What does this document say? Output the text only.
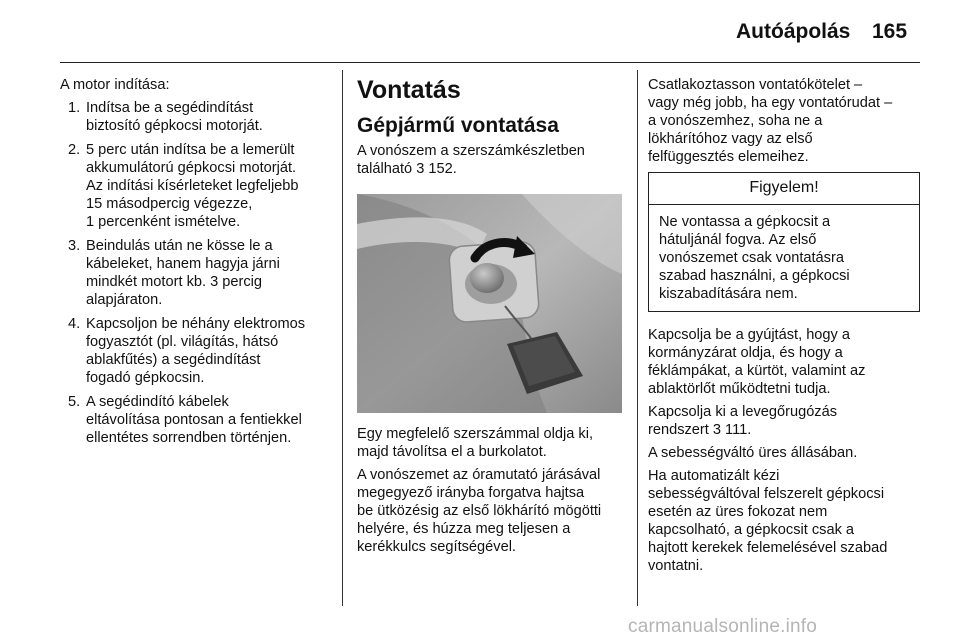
Autóápolás 165
A motor indítása:
1. Indítsa be a segédindítást
biztosító gépkocsi motorját.
2. 5 perc után indítsa be a lemerült
akkumulátorú gépkocsi motorját.
Az indítási kísérleteket legfeljebb
15 másodpercig végezze,
1 percenként ismételve.
3. Beindulás után ne kösse le a
kábeleket, hanem hagyja járni
mindkét motort kb. 3 percig
alapjáraton.
4. Kapcsoljon be néhány elektromos
fogyasztót (pl. világítás, hátsó
ablakfűtés) a segédindítást
fogadó gépkocsin.
5. A segédindító kábelek
eltávolítása pontosan a fentiekkel
ellentétes sorrendben történjen.
Vontatás
Gépjármű vontatása
A vonószem a szerszámkészletben
található 3 152.
Egy megfelelő szerszámmal oldja ki,
majd távolítsa el a burkolatot.
A vonószemet az óramutató járásával
megegyező irányba forgatva hajtsa
be ütközésig az első lökhárító mögötti
helyére, és húzza meg teljesen a
kerékkulcs segítségével.
Csatlakoztasson vontatókötelet –
vagy még jobb, ha egy vontatórudat –
a vonószemhez, soha ne a
lökhárítóhoz vagy az első
felfüggesztés elemeihez.
Figyelem!
Ne vontassa a gépkocsit a
hátuljánál fogva. Az első
vonószemet csak vontatásra
szabad használni, a gépkocsi
kiszabadítására nem.
Kapcsolja be a gyújtást, hogy a
kormányzárat oldja, és hogy a
féklámpákat, a kürtöt, valamint az
ablaktörlőt működtetni tudja.
Kapcsolja ki a levegőrugózás
rendszert 3 111.
A sebességváltó üres állásában.
Ha automatizált kézi
sebességváltóval felszerelt gépkocsi
esetén az üres fokozat nem
kapcsolható, a gépkocsit csak a
hajtott kerekek felemelésével szabad
vontatni.
carmanualsonline.info
